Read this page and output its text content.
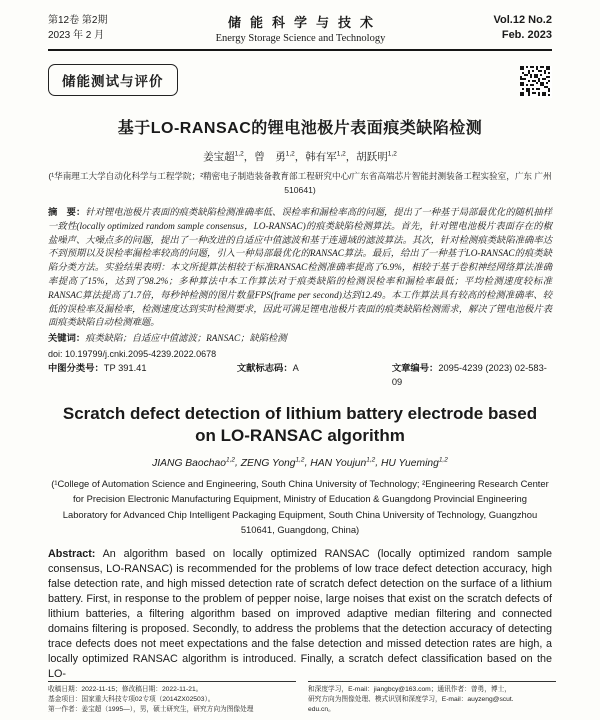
第12卷 第2期
2023 年 2 月
储能科学与技术
Energy Storage Science and Technology
Vol.12 No.2
Feb. 2023
储能测试与评价
基于LO-RANSAC的锂电池极片表面痕类缺陷检测
姜宝超$^{1,2}$，曾　勇$^{1,2}$，韩有军$^{1,2}$，胡跃明$^{1,2}$
(¹华南理工大学自动化科学与工程学院；²精密电子制造装备教育部工程研究中心/广东省高端芯片智能封测装备工程实验室，广东 广州 510641)

摘　要：针对锂电池极片表面的痕类缺陷检测准确率低、误检率和漏检率高的问题，提出了一种基于局部最优化的随机抽样一致性(locally optimized random sample consensus，LO-RANSAC)的痕类缺陷检测算法。首先，针对锂电池极片表面存在的椒盐噪声、大噪点多的问题，提出了一种改进的自适应中值滤波和基于连通域的滤波算法。其次，针对检测痕类缺陷准确率达不到预期以及误检率漏检率较高的问题，引入一种局部最优化的RANSAC算法。最后，给出了一种基于LO-RANSAC的痕类缺陷分类方法。实验结果表明：本文所提算法相较于标准RANSAC检测准确率提高了6.9%，相较于基于卷积神经网络算法准确率提高了15%，达到了98.2%；多种算法中本工作算法对于痕类缺陷的检测误检率和漏检率最低；平均检测速度较标准RANSAC算法提高了1.7倍，每秒钟检测的图片数量FPS(frame per second)达到12.49。本工作算法具有较高的检测准确率、较低的误检率及漏检率，检测速度达到实时检测要求，因此可满足锂电池极片表面的痕类缺陷检测需求，解决了锂电池极片表面痕类缺陷自动检测难题。

关键词：痕类缺陷；自适应中值滤波；RANSAC；缺陷检测

doi: 10.19799/j.cnki.2095-4239.2022.0678

中图分类号：TP 391.41	文献标志码：A	文章编号：2095-4239 (2023) 02-583-09

Scratch defect detection of lithium battery electrode based on LO-RANSAC algorithm
JIANG Baochao$^{1,2}$, ZENG Yong$^{1,2}$, HAN Youjun$^{1,2}$, HU Yueming$^{1,2}$
(¹College of Automation Science and Engineering, South China University of Technology; ²Engineering Research Center for Precision Electronic Manufacturing Equipment, Ministry of Education & Guangdong Provincial Engineering Laboratory for Advanced Chip Intelligent Packaging Equipment, South China University of Technology, Guangzhou 510641, Guangdong, China)

Abstract: An algorithm based on locally optimized RANSAC (locally optimized random sample consensus, LO-RANSAC) is recommended for the problems of low trace defect detection accuracy, high false detection rate, and high missed detection rate of scratch defect detection on the surface of a lithium battery. First, in response to the problem of pepper noise, large noises that exist on the scratch defects of lithium batteries, a filtering algorithm based on improved adaptive median filtering and connected domains filtering is proposed. Secondly, to address the problems that the detection accuracy of detecting trace defects does not meet expectations and the false detection and missed detection rates are high, a locally optimized RANSAC algorithm is introduced. Finally, a scratch defect classification based on the LO-

收稿日期：2022-11-15；修改稿日期：2022-11-21。
基金项目：国家重大科技专项02专项（2014ZX02503）。
第一作者：姜宝超（1995—），男，硕士研究生，研究方向为图像处理
和深度学习，E-mail：jiangbcy@163.com；通讯作者：曾勇，博士，
研究方向为图像处理、模式识别和深度学习，E-mail：auyzeng@scut.
edu.cn。
